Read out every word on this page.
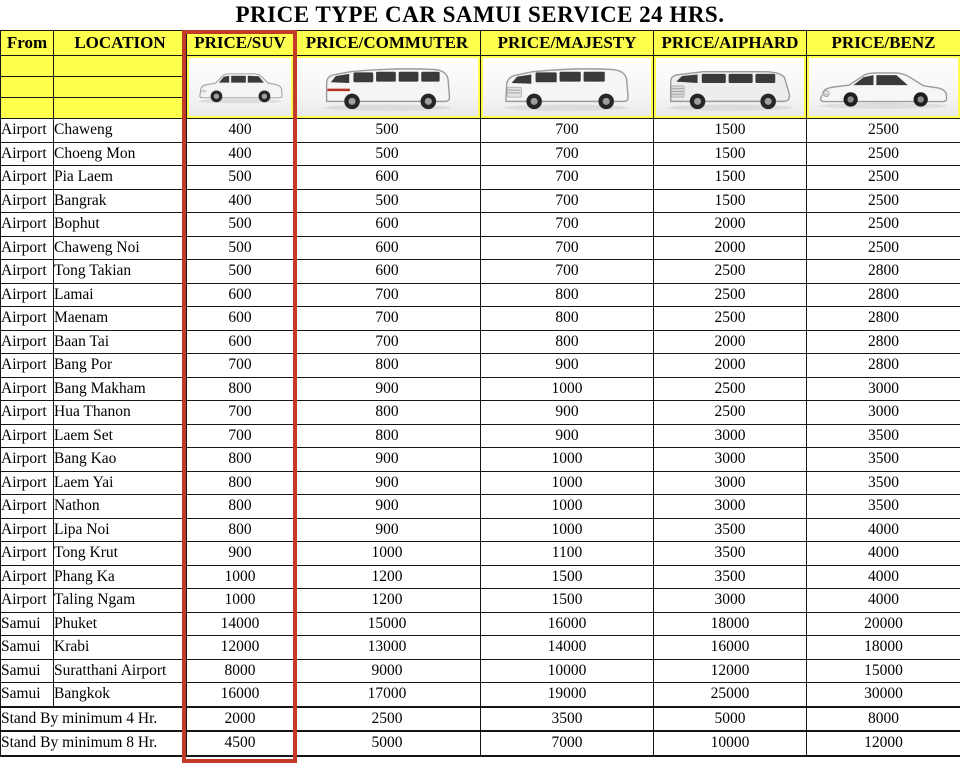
PRICE TYPE CAR SAMUI SERVICE 24 HRS.
From	LOCATION	PRICE/SUV	PRICE/COMMUTER	PRICE/MAJESTY	PRICE/AIPHARD	PRICE/BENZ

Airport	Chaweng	400	500	700	1500	2500
Airport	Choeng Mon	400	500	700	1500	2500
Airport	Pia Laem	500	600	700	1500	2500
Airport	Bangrak	400	500	700	1500	2500
Airport	Bophut	500	600	700	2000	2500
Airport	Chaweng Noi	500	600	700	2000	2500
Airport	Tong Takian	500	600	700	2500	2800
Airport	Lamai	600	700	800	2500	2800
Airport	Maenam	600	700	800	2500	2800
Airport	Baan Tai	600	700	800	2000	2800
Airport	Bang Por	700	800	900	2000	2800
Airport	Bang Makham	800	900	1000	2500	3000
Airport	Hua Thanon	700	800	900	2500	3000
Airport	Laem Set	700	800	900	3000	3500
Airport	Bang Kao	800	900	1000	3000	3500
Airport	Laem Yai	800	900	1000	3000	3500
Airport	Nathon	800	900	1000	3000	3500
Airport	Lipa Noi	800	900	1000	3500	4000
Airport	Tong Krut	900	1000	1100	3500	4000
Airport	Phang Ka	1000	1200	1500	3500	4000
Airport	Taling Ngam	1000	1200	1500	3000	4000
Samui	Phuket	14000	15000	16000	18000	20000
Samui	Krabi	12000	13000	14000	16000	18000
Samui	Suratthani Airport	8000	9000	10000	12000	15000
Samui	Bangkok	16000	17000	19000	25000	30000
Stand By minimum 4 Hr.		2000	2500	3500	5000	8000
Stand By minimum 8 Hr.		4500	5000	7000	10000	12000
